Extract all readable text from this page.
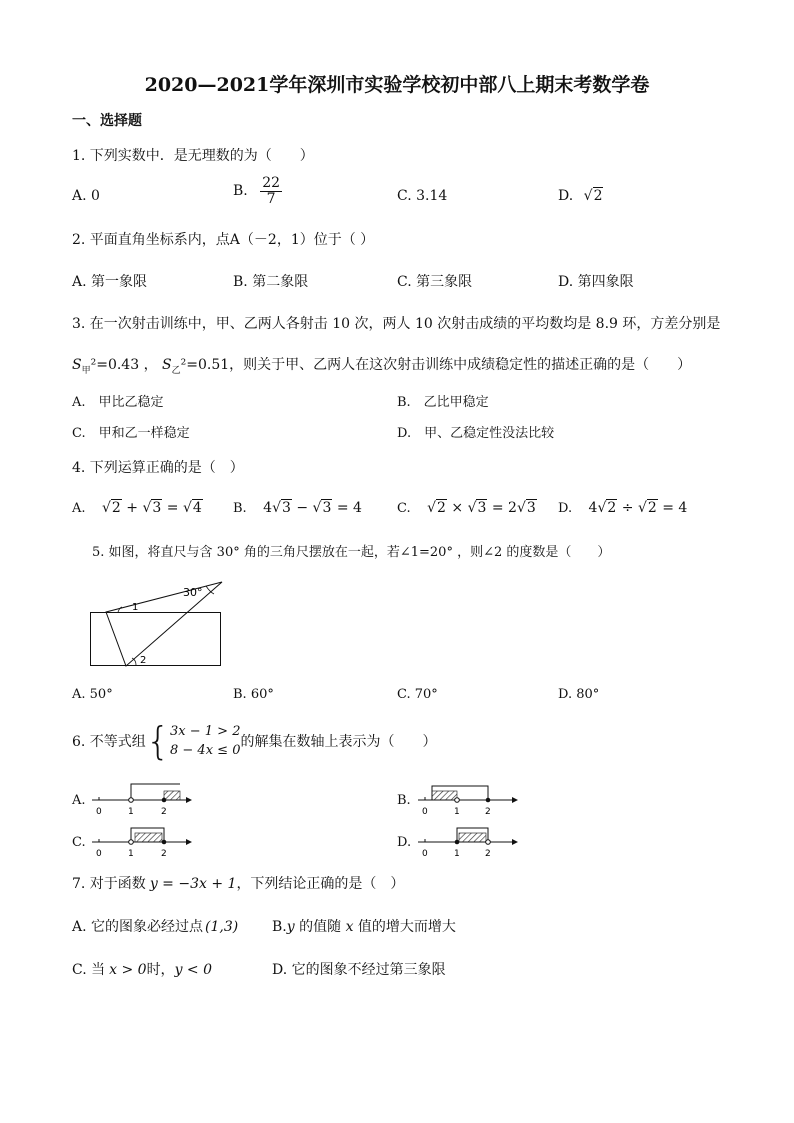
2020—2021学年深圳市实验学校初中部八上期末考数学卷
一、选择题
1. 下列实数中．是无理数的为（　　）
A. 0	B. $\frac{22}{7}$	C. 3.14	D. √2
2. 平面直角坐标系内，点A（－2，1）位于（ ）
A. 第一象限	B. 第二象限	C. 第三象限	D. 第四象限
3. 在一次射击训练中，甲、乙两人各射击 10 次，两人 10 次射击成绩的平均数均是 8.9 环，方差分别是
$S_甲^2=0.43$ ， $S_乙^2=0.51$，则关于甲、乙两人在这次射击训练中成绩稳定性的描述正确的是（　　）
A.　甲比乙稳定	B.　乙比甲稳定
C.　甲和乙一样稳定	D.　甲、乙稳定性没法比较
4. 下列运算正确的是（　）
A. √2 + √3 = √4 B. 4√3 − √3 = 4	C. √2 × √3 = 2√3 D. 4√2 ÷ √2 = 4
5. 如图，将直尺与含 30° 角的三角尺摆放在一起，若∠1=20° ，则∠2 的度数是（　　）
30°
1
2
A. 50°	B. 60°	C. 70°	D. 80°
6. 不等式组{ 3x − 1 > 2
8 − 4x ≤ 0
的解集在数轴上表示为（　　）
A.
0	1	2
B.
0	1	2
C.
0	1	2
D.
0	1	2
7. 对于函数 y = −3x + 1，下列结论正确的是（　）
A. 它的图象必经过点 (1,3) B.y 的值随 x 值的增大而增大
C. 当 x > 0时，y < 0	D. 它的图象不经过第三象限
